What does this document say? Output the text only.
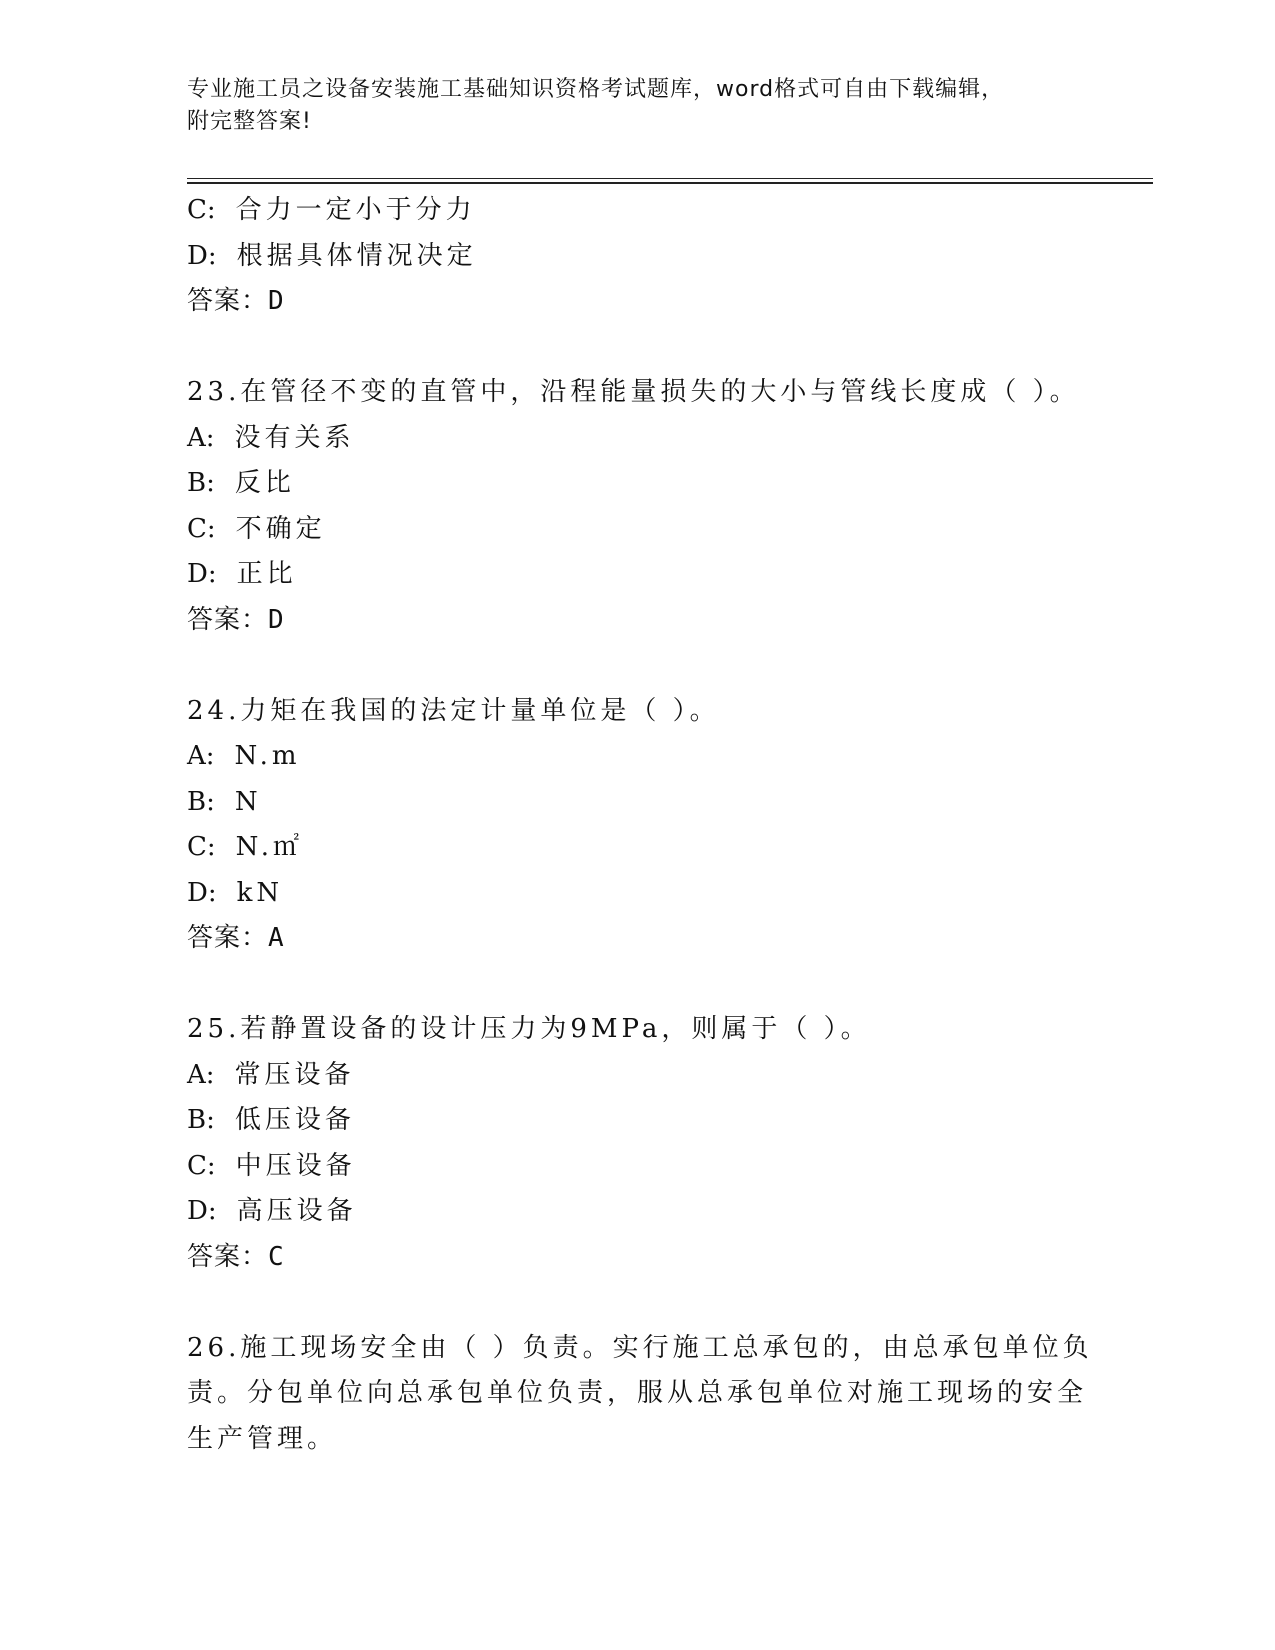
专业施工员之设备安装施工基础知识资格考试题库，word格式可自由下载编辑，
附完整答案!
C: 合力一定小于分力
D: 根据具体情况决定
答案：D
23.在管径不变的直管中，沿程能量损失的大小与管线长度成（ ）。
A: 没有关系
B: 反比
C: 不确定
D: 正比
答案：D
24.力矩在我国的法定计量单位是（ ）。
A: N.m
B: N
C: N.㎡
D: kN
答案：A
25.若静置设备的设计压力为9MPa，则属于（ ）。
A: 常压设备
B: 低压设备
C: 中压设备
D: 高压设备
答案：C
26.施工现场安全由（ ）负责。实行施工总承包的，由总承包单位负
责。分包单位向总承包单位负责，服从总承包单位对施工现场的安全
生产管理。
